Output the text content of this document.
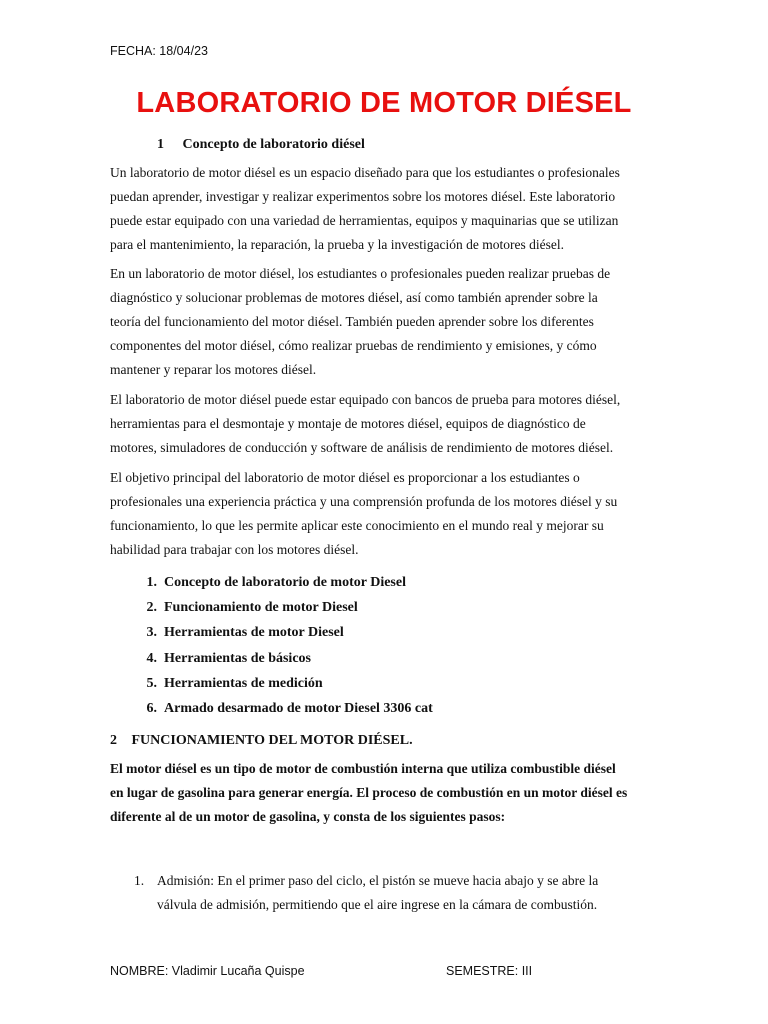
FECHA: 18/04/23
LABORATORIO DE MOTOR DIÉSEL
1 Concepto de laboratorio diésel

Un laboratorio de motor diésel es un espacio diseñado para que los estudiantes o profesionales
puedan aprender, investigar y realizar experimentos sobre los motores diésel. Este laboratorio
puede estar equipado con una variedad de herramientas, equipos y maquinarias que se utilizan
para el mantenimiento, la reparación, la prueba y la investigación de motores diésel.

En un laboratorio de motor diésel, los estudiantes o profesionales pueden realizar pruebas de
diagnóstico y solucionar problemas de motores diésel, así como también aprender sobre la
teoría del funcionamiento del motor diésel. También pueden aprender sobre los diferentes
componentes del motor diésel, cómo realizar pruebas de rendimiento y emisiones, y cómo
mantener y reparar los motores diésel.

El laboratorio de motor diésel puede estar equipado con bancos de prueba para motores diésel,
herramientas para el desmontaje y montaje de motores diésel, equipos de diagnóstico de
motores, simuladores de conducción y software de análisis de rendimiento de motores diésel.

El objetivo principal del laboratorio de motor diésel es proporcionar a los estudiantes o
profesionales una experiencia práctica y una comprensión profunda de los motores diésel y su
funcionamiento, lo que les permite aplicar este conocimiento en el mundo real y mejorar su
habilidad para trabajar con los motores diésel.

1. Concepto de laboratorio de motor Diesel
2. Funcionamiento de motor Diesel
3. Herramientas de motor Diesel
4. Herramientas de básicos
5. Herramientas de medición
6. Armado desarmado de motor Diesel 3306 cat
2 FUNCIONAMIENTO DEL MOTOR DIÉSEL.

El motor diésel es un tipo de motor de combustión interna que utiliza combustible diésel
en lugar de gasolina para generar energía. El proceso de combustión en un motor diésel es
diferente al de un motor de gasolina, y consta de los siguientes pasos:

1. Admisión: En el primer paso del ciclo, el pistón se mueve hacia abajo y se abre la
válvula de admisión, permitiendo que el aire ingrese en la cámara de combustión.
NOMBRE: Vladimir Lucaña Quispe	SEMESTRE: III
